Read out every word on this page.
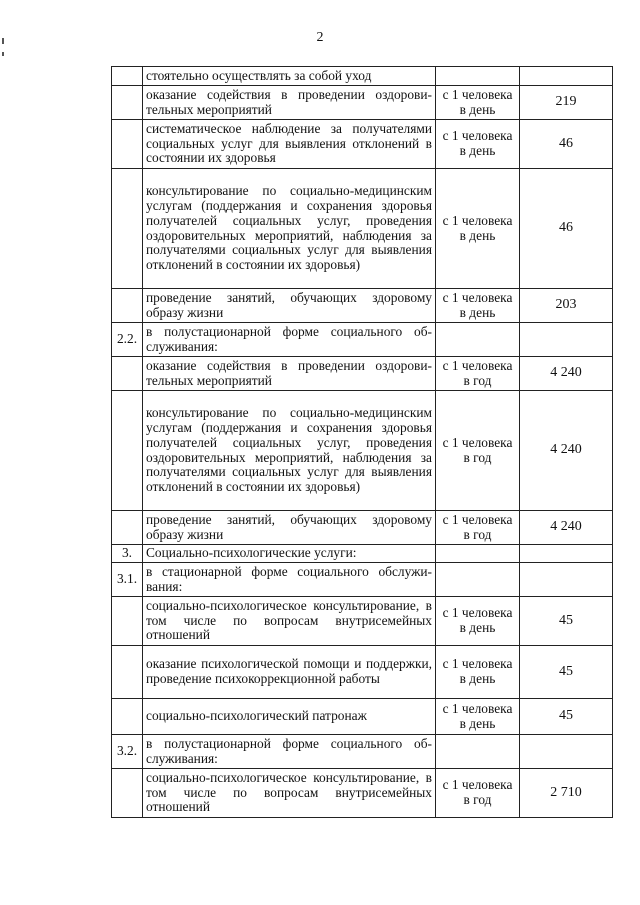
2
	стоятельно осуществлять за собой уход		
	оказание содействия в проведении оздоровительных мероприятий	с 1 человека в день	219
	систематическое наблюдение за получателями социальных услуг для выявления отклонений в состоянии их здоровья	с 1 человека в день	46
	консультирование по социально-медицинским услугам (поддержания и сохранения здоровья получателей социальных услуг, проведения оздоровительных мероприятий, наблюдения за получателями социальных услуг для выявления отклонений в состоянии их здоровья)	с 1 человека в день	46
	проведение занятий, обучающих здоровому образу жизни	с 1 человека в день	203
2.2.	в полустационарной форме социального обслуживания:		
	оказание содействия в проведении оздоровительных мероприятий	с 1 человека в год	4 240
	консультирование по социально-медицинским услугам (поддержания и сохранения здоровья получателей социальных услуг, проведения оздоровительных мероприятий, наблюдения за получателями социальных услуг для выявления отклонений в состоянии их здоровья)	с 1 человека в год	4 240
	проведение занятий, обучающих здоровому образу жизни	с 1 человека в год	4 240
3.	Социально-психологические услуги:		
3.1.	в стационарной форме социального обслуживания:		
	социально-психологическое консультирование, в том числе по вопросам внутрисемейных отношений	с 1 человека в день	45
	оказание психологической помощи и поддержки, проведение психокоррекционной работы	с 1 человека в день	45
	социально-психологический патронаж	с 1 человека в день	45
3.2.	в полустационарной форме социального обслуживания:		
	социально-психологическое консультирование, в том числе по вопросам внутрисемейных отношений	с 1 человека в год	2 710
